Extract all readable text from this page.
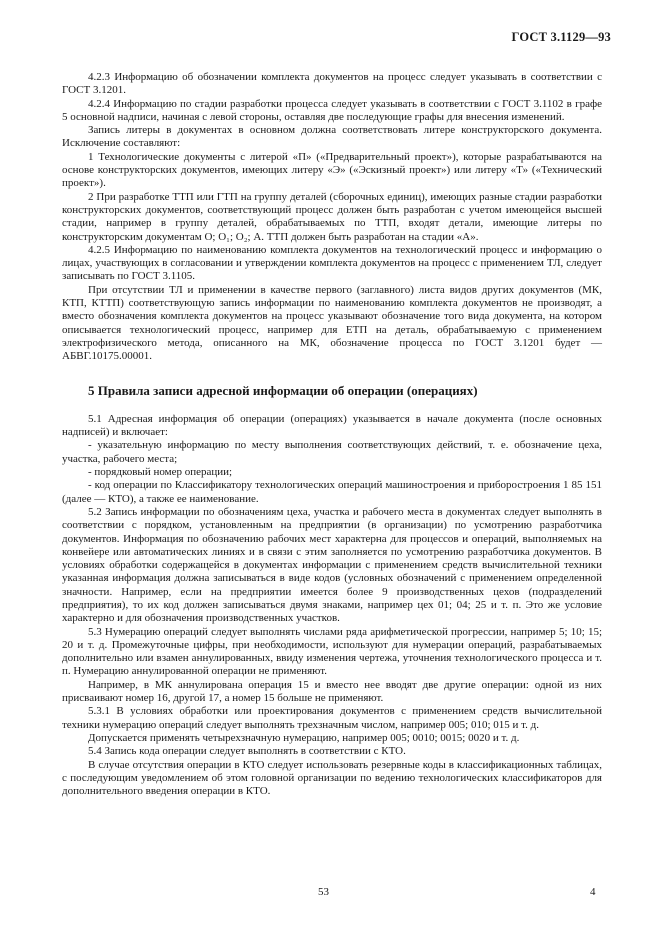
ГОСТ 3.1129—93

4.2.3 Информацию об обозначении комплекта документов на процесс следует указывать в соответствии с ГОСТ 3.1201.

4.2.4 Информацию по стадии разработки процесса следует указывать в соответствии с ГОСТ 3.1102 в графе 5 основной надписи, начиная с левой стороны, оставляя две последующие графы для внесения изменений.

Запись литеры в документах в основном должна соответствовать литере конструкторского документа. Исключение составляют:

1 Технологические документы с литерой «П» («Предварительный проект»), которые разрабатываются на основе конструкторских документов, имеющих литеру «Э» («Эскизный проект») или литеру «Т» («Технический проект»).

2 При разработке ТТП или ГТП на группу деталей (сборочных единиц), имеющих разные стадии разработки конструкторских документов, соответствующий процесс должен быть разработан с учетом имеющейся высшей стадии, например в группу деталей, обрабатываемых по ТТП, входят детали, имеющие литеры по конструкторским документам О; О₁; О₂; А. ТТП должен быть разработан на стадии «А».

4.2.5 Информацию по наименованию комплекта документов на технологический процесс и информацию о лицах, участвующих в согласовании и утверждении комплекта документов на процесс с применением ТЛ, следует записывать по ГОСТ 3.1105.

При отсутствии ТЛ и применении в качестве первого (заглавного) листа видов других документов (МК, КТП, КТТП) соответствующую запись информации по наименованию комплекта документов не производят, а вместо обозначения комплекта документов на процесс указывают обозначение того вида документа, на котором описывается технологический процесс, например для ЕТП на деталь, обрабатываемую с применением электрофизического метода, описанного на МК, обозначение процесса по ГОСТ 3.1201 будет — АБВГ.10175.00001.

5 Правила записи адресной информации об операции (операциях)

5.1 Адресная информация об операции (операциях) указывается в начале документа (после основных надписей) и включает:

- указательную информацию по месту выполнения соответствующих действий, т. е. обозначение цеха, участка, рабочего места;

- порядковый номер операции;

- код операции по Классификатору технологических операций машиностроения и приборостроения 1 85 151 (далее — КТО), а также ее наименование.

5.2 Запись информации по обозначениям цеха, участка и рабочего места в документах следует выполнять в соответствии с порядком, установленным на предприятии (в организации) по усмотрению разработчика документов. Информация по обозначению рабочих мест характерна для процессов и операций, выполняемых на конвейере или автоматических линиях и в связи с этим заполняется по усмотрению разработчика документов. В условиях обработки содержащейся в документах информации с применением средств вычислительной техники указанная информация должна записываться в виде кодов (условных обозначений с применением определенной значности. Например, если на предприятии имеется более 9 производственных цехов (подразделений предприятия), то их код должен записываться двумя знаками, например цех 01; 04; 25 и т. п. Это же условие характерно и для обозначения производственных участков.

5.3 Нумерацию операций следует выполнять числами ряда арифметической прогрессии, например 5; 10; 15; 20 и т. д. Промежуточные цифры, при необходимости, используют для нумерации операций, разрабатываемых дополнительно или взамен аннулированных, ввиду изменения чертежа, уточнения технологического процесса и т. п. Нумерацию аннулированной операции не применяют.

Например, в МК аннулирована операция 15 и вместо нее вводят две другие операции: одной из них присваивают номер 16, другой 17, а номер 15 больше не применяют.

5.3.1 В условиях обработки или проектирования документов с применением средств вычислительной техники нумерацию операций следует выполнять трехзначным числом, например 005; 010; 015 и т. д.

Допускается применять четырехзначную нумерацию, например 005; 0010; 0015; 0020 и т. д.

5.4 Запись кода операции следует выполнять в соответствии с КТО.

В случае отсутствия операции в КТО следует использовать резервные коды в классификационных таблицах, с последующим уведомлением об этом головной организации по ведению технологических классификаторов для дополнительного введения операции в КТО.

53	4
